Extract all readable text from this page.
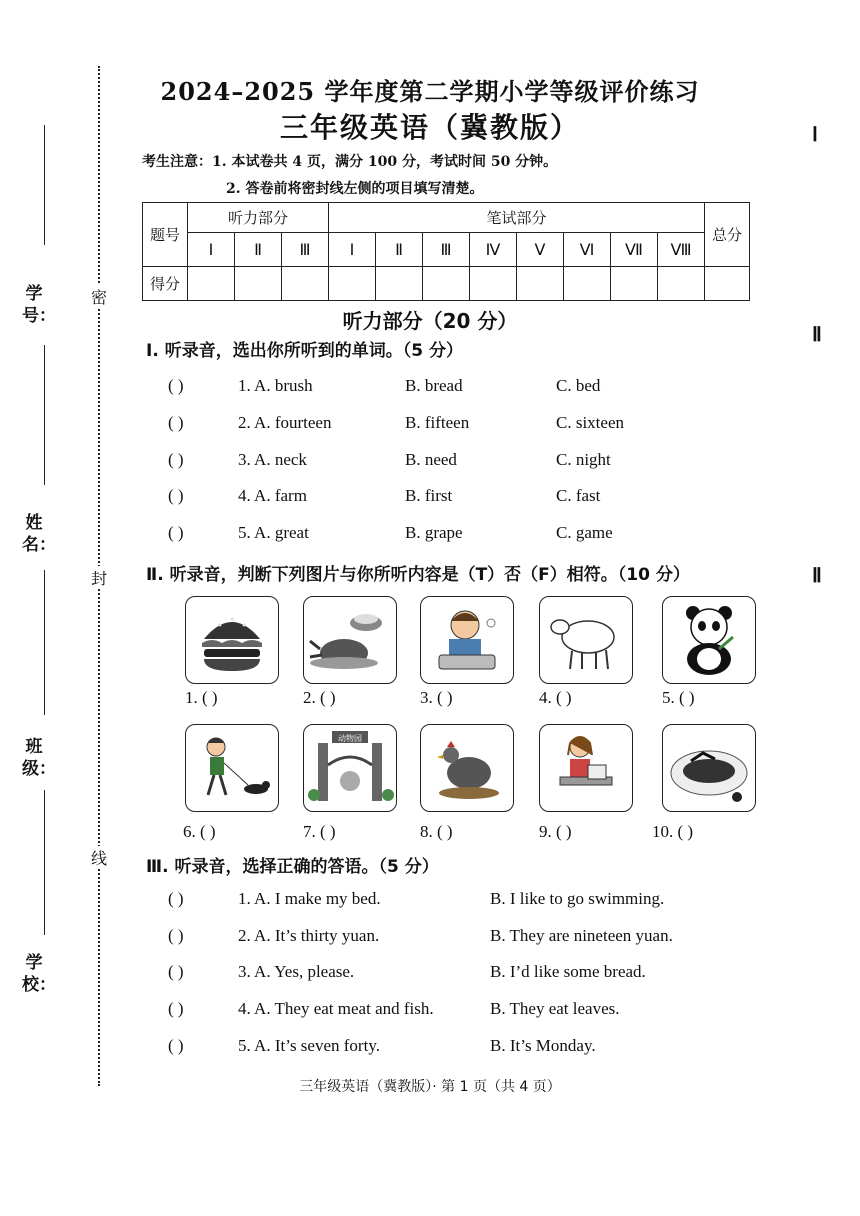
2024–2025 学年度第二学期小学等级评价练习
三年级英语（冀教版）
考生注意：1. 本试卷共 4 页，满分 100 分，考试时间 50 分钟。
2. 答卷前将密封线左侧的项目填写清楚。
Ⅰ
Ⅱ
Ⅱ
密
封
线
学号：
姓名：
班级：
学校：
题号	听力部分			笔试部分								总分
	Ⅰ	Ⅱ	Ⅲ	Ⅰ	Ⅱ	Ⅲ	Ⅳ	Ⅴ	Ⅵ	Ⅶ	Ⅷ	
得分												
听力部分（20 分）
Ⅰ. 听录音，选出你所听到的单词。（5 分）
( )	1. A. brush	B. bread	C. bed
( )	2. A. fourteen	B. fifteen	C. sixteen
( )	3. A. neck	B. need	C. night
( )	4. A. farm	B. first	C. fast
( )	5. A. great	B. grape	C. game
Ⅱ. 听录音，判断下列图片与你所听内容是（T）否（F）相符。（10 分）
1. ( )	2. ( )	3. ( )	4. ( )	5. ( )
动物园
6. ( )	7. ( )	8. ( )	9. ( )	10. ( )
Ⅲ. 听录音，选择正确的答语。（5 分）
( )	1. A. I make my bed.	B. I like to go swimming.
( )	2. A. It’s thirty yuan.	B. They are nineteen yuan.
( )	3. A. Yes, please.	B. I’d like some bread.
( )	4. A. They eat meat and fish.	B. They eat leaves.
( )	5. A. It’s seven forty.	B. It’s Monday.
三年级英语（冀教版）· 第 1 页（共 4 页）
